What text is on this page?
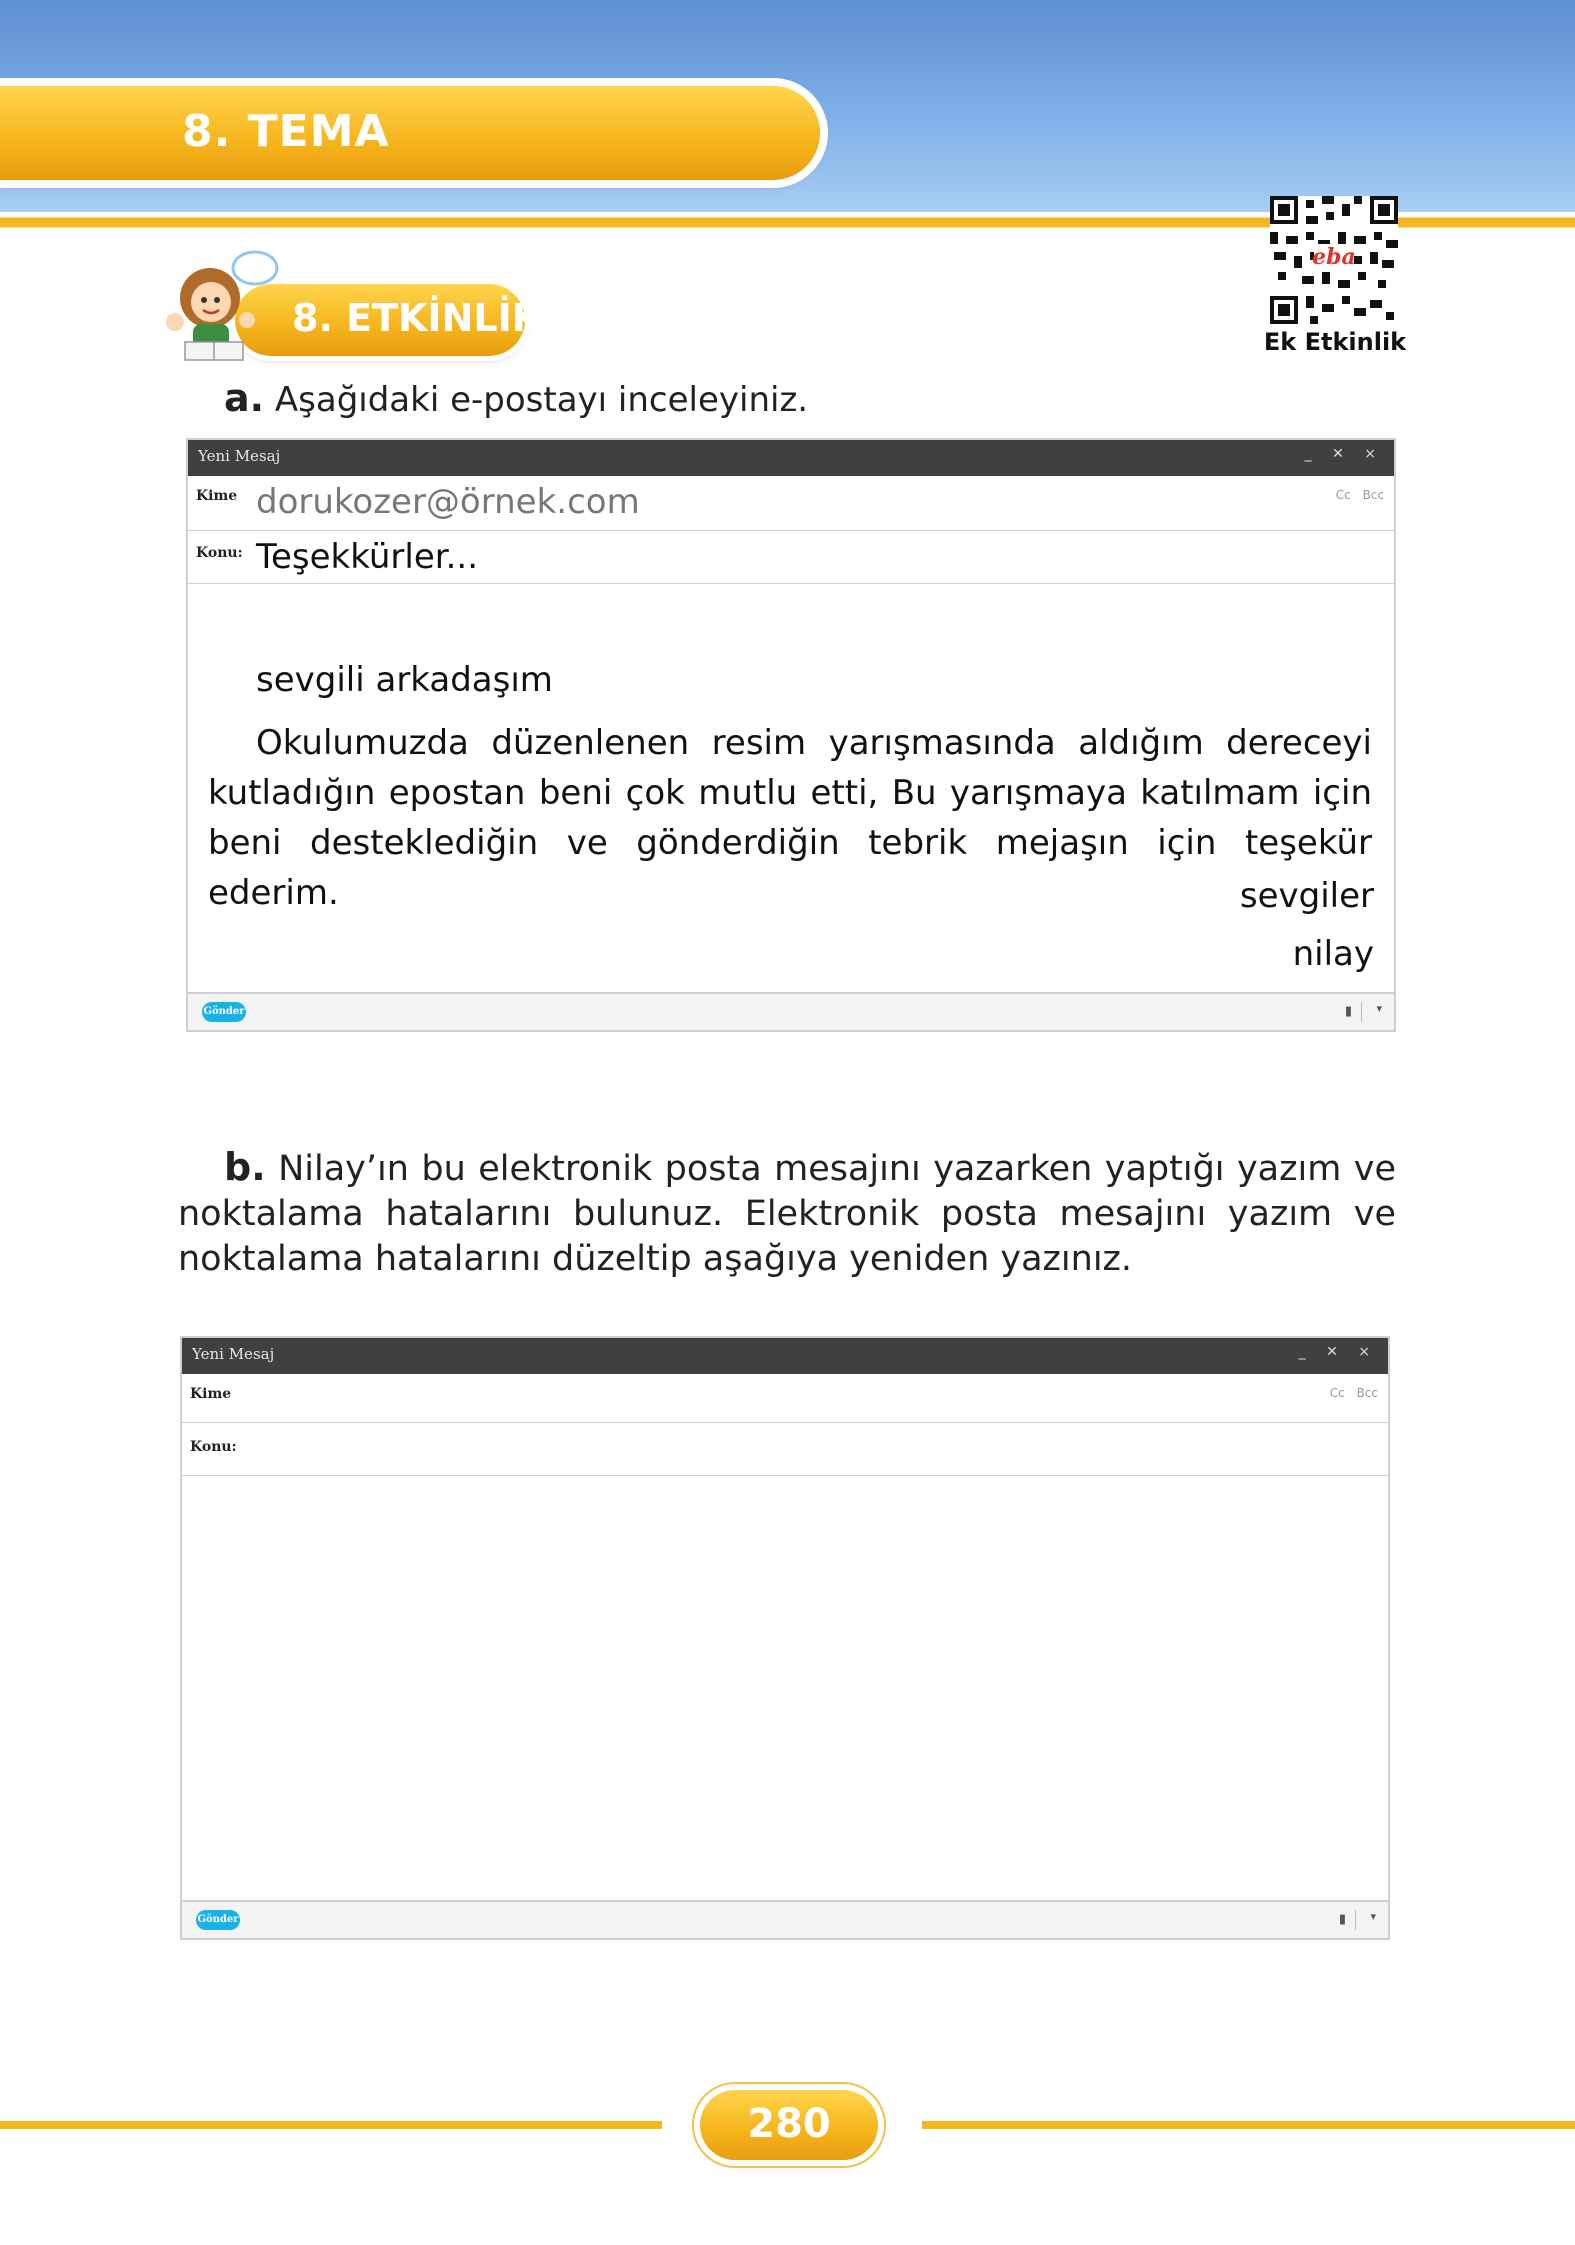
8. TEMA
eba
Ek Etkinlik
8. ETKİNLİK
a. Aşağıdaki e-postayı inceleyiniz.
Yeni Mesaj	_ ✕ ×
Kime dorukozer@örnek.com	Cc Bcc
Konu: Teşekkürler...
sevgili arkadaşım
Okulumuzda düzenlenen resim yarışmasında aldığım dereceyi kutladığın epostan beni çok mutlu etti, Bu yarışmaya katılmam için beni desteklediğin ve gönderdiğin tebrik mejaşın için teşekür ederim.	sevgiler
nilay
Gönder	▮ ▾
b. Nilay’ın bu elektronik posta mesajını yazarken yaptığı yazım ve noktalama hatalarını bulunuz. Elektronik posta mesajını yazım ve noktalama hatalarını düzeltip aşağıya yeniden yazınız.
Yeni Mesaj	_ ✕ ×
Kime	Cc Bcc
Konu:
Gönder	▮ ▾
280
